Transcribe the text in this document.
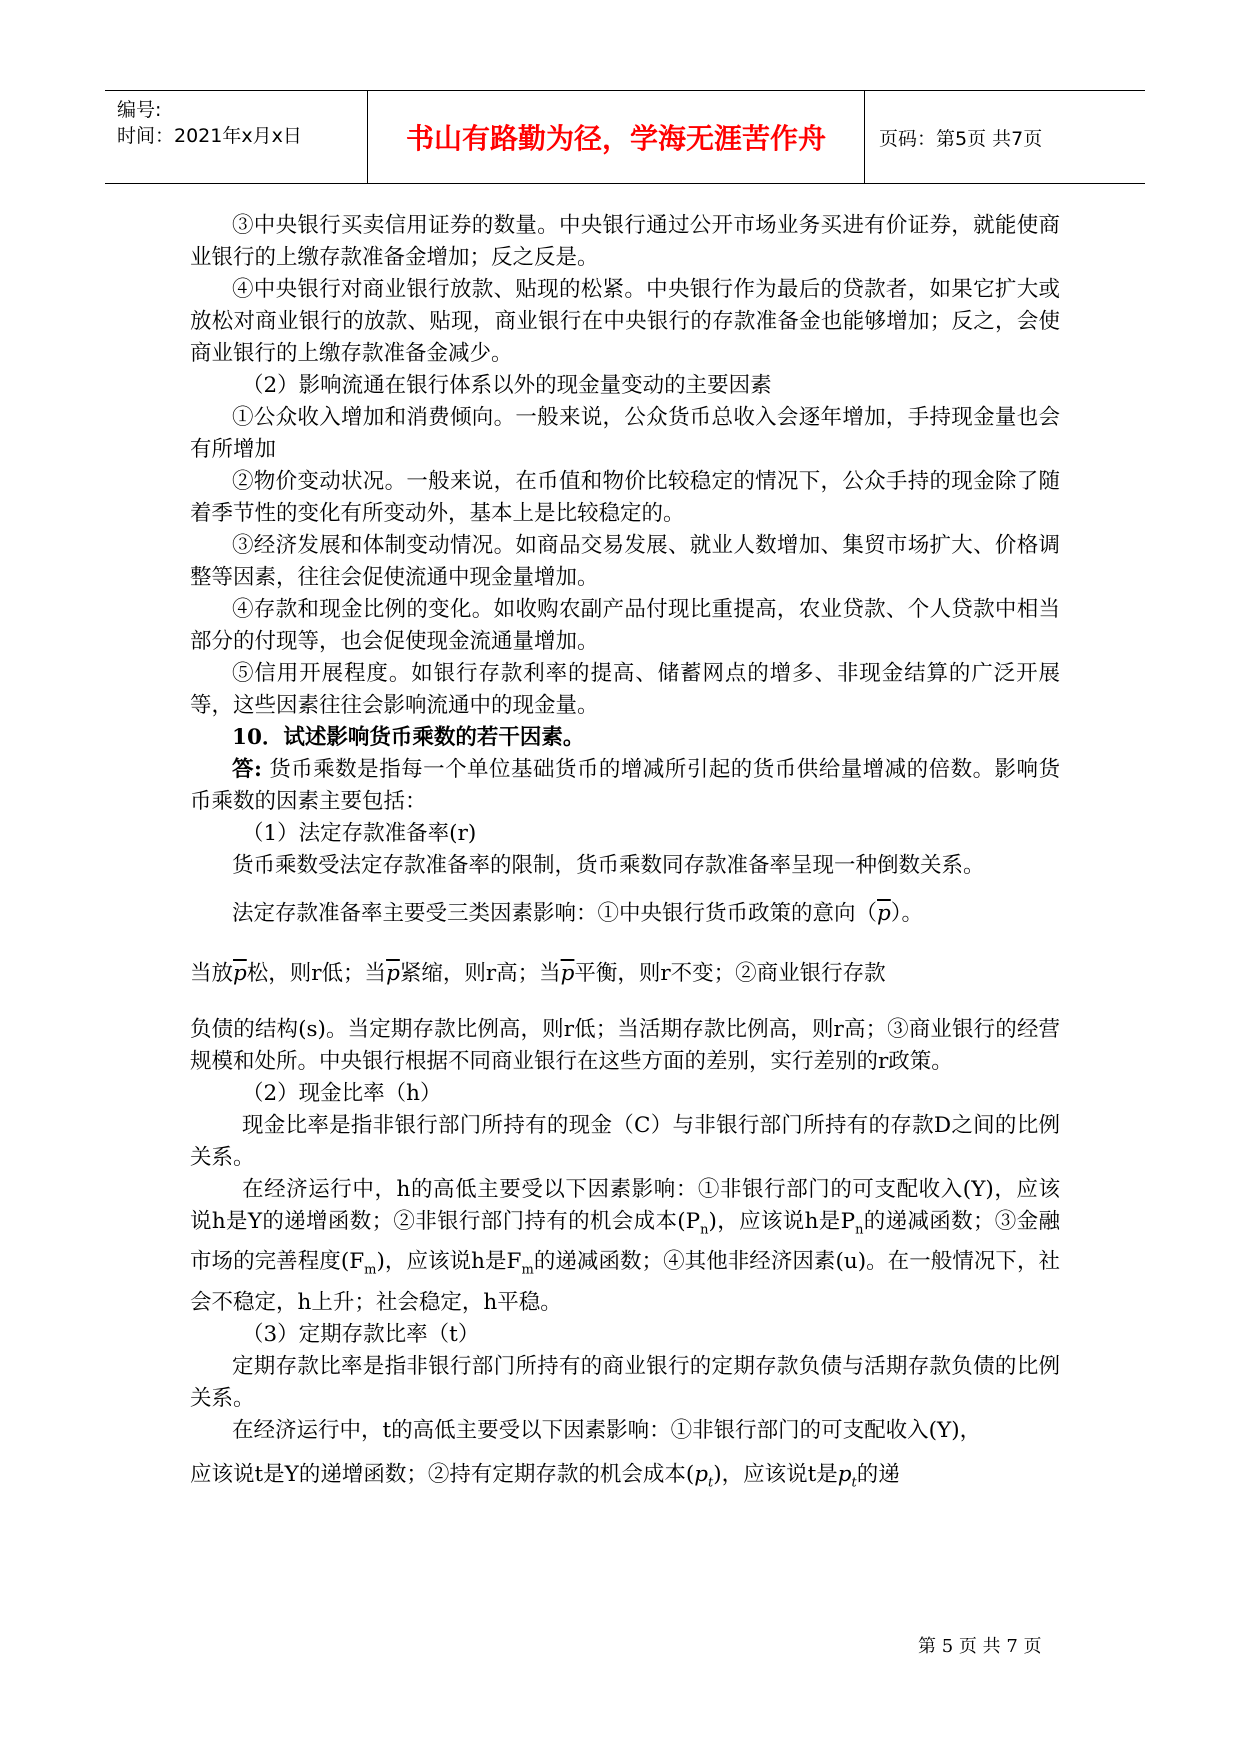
编号:
时间：2021年x月x日	书山有路勤为径，学海无涯苦作舟	页码：第5页 共7页

③中央银行买卖信用证券的数量。中央银行通过公开市场业务买进有价证券，就能使商业银行的上缴存款准备金增加；反之反是。

④中央银行对商业银行放款、贴现的松紧。中央银行作为最后的贷款者，如果它扩大或放松对商业银行的放款、贴现，商业银行在中央银行的存款准备金也能够增加；反之，会使商业银行的上缴存款准备金减少。

（2）影响流通在银行体系以外的现金量变动的主要因素

①公众收入增加和消费倾向。一般来说，公众货币总收入会逐年增加，手持现金量也会有所增加

②物价变动状况。一般来说，在币值和物价比较稳定的情况下，公众手持的现金除了随着季节性的变化有所变动外，基本上是比较稳定的。

③经济发展和体制变动情况。如商品交易发展、就业人数增加、集贸市场扩大、价格调整等因素，往往会促使流通中现金量增加。

④存款和现金比例的变化。如收购农副产品付现比重提高，农业贷款、个人贷款中相当部分的付现等，也会促使现金流通量增加。

⑤信用开展程度。如银行存款利率的提高、储蓄网点的增多、非现金结算的广泛开展等，这些因素往往会影响流通中的现金量。

10．试述影响货币乘数的若干因素。

答: 货币乘数是指每一个单位基础货币的增减所引起的货币供给量增减的倍数。影响货币乘数的因素主要包括：

（1）法定存款准备率(r)

货币乘数受法定存款准备率的限制，货币乘数同存款准备率呈现一种倒数关系。

法定存款准备率主要受三类因素影响：①中央银行货币政策的意向$(\overline{p})$。

当放$\overline{p}$松，则r低；当$\overline{p}$紧缩，则r高；当$\overline{p}$平衡，则r不变；②商业银行存款

负债的结构(s)。当定期存款比例高，则r低；当活期存款比例高，则r高；③商业银行的经营规模和处所。中央银行根据不同商业银行在这些方面的差别，实行差别的r政策。

（2）现金比率（h）

现金比率是指非银行部门所持有的现金（C）与非银行部门所持有的存款D之间的比例关系。

在经济运行中，h的高低主要受以下因素影响：①非银行部门的可支配收入(Y)，应该说h是Y的递增函数；②非银行部门持有的机会成本$(P_n)$，应该说h是$P_n$的递减函数；③金融市场的完善程度$(F_m)$，应该说h是$F_m$的递减函数；④其他非经济因素(u)。在一般情况下，社会不稳定，h上升；社会稳定，h平稳。

（3）定期存款比率（t）

定期存款比率是指非银行部门所持有的商业银行的定期存款负债与活期存款负债的比例关系。

在经济运行中，t的高低主要受以下因素影响：①非银行部门的可支配收入(Y)，

应该说t是Y的递增函数；②持有定期存款的机会成本$(p_t)$，应该说t是$p_t$的递

第 5 页 共 7 页
